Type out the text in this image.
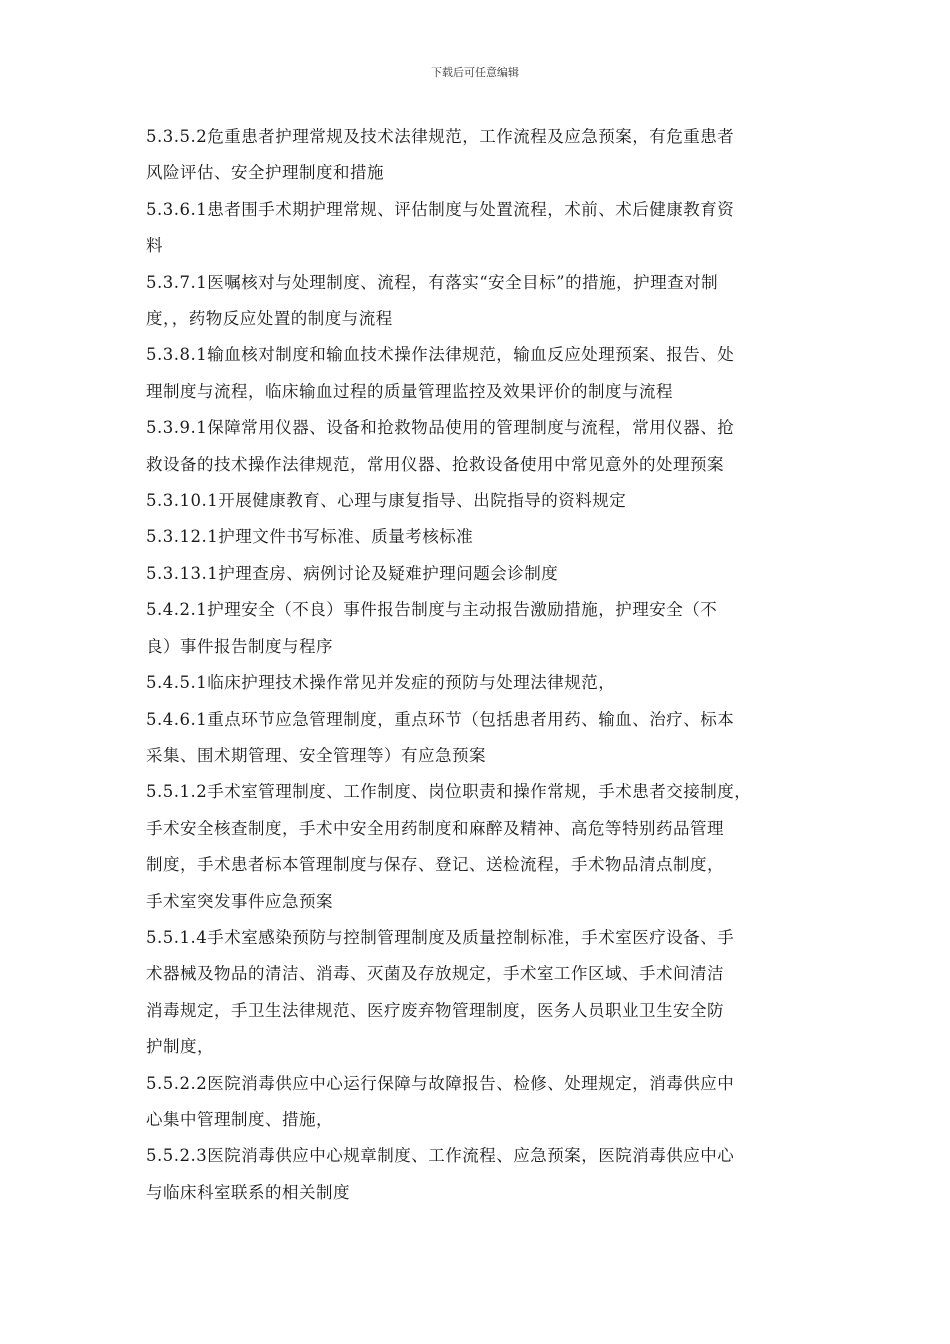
下载后可任意编辑

5.3.5.2危重患者护理常规及技术法律规范，工作流程及应急预案，有危重患者
风险评估、安全护理制度和措施

5.3.6.1患者围手术期护理常规、评估制度与处置流程，术前、术后健康教育资
料

5.3.7.1医嘱核对与处理制度、流程，有落实“安全目标”的措施，护理查对制
度，，药物反应处置的制度与流程

5.3.8.1输血核对制度和输血技术操作法律规范，输血反应处理预案、报告、处
理制度与流程，临床输血过程的质量管理监控及效果评价的制度与流程

5.3.9.1保障常用仪器、设备和抢救物品使用的管理制度与流程，常用仪器、抢
救设备的技术操作法律规范，常用仪器、抢救设备使用中常见意外的处理预案

5.3.10.1开展健康教育、心理与康复指导、出院指导的资料规定

5.3.12.1护理文件书写标准、质量考核标准

5.3.13.1护理查房、病例讨论及疑难护理问题会诊制度

5.4.2.1护理安全（不良）事件报告制度与主动报告激励措施，护理安全（不
良）事件报告制度与程序

5.4.5.1临床护理技术操作常见并发症的预防与处理法律规范，

5.4.6.1重点环节应急管理制度，重点环节（包括患者用药、输血、治疗、标本
采集、围术期管理、安全管理等）有应急预案

5.5.1.2手术室管理制度、工作制度、岗位职责和操作常规，手术患者交接制度，
手术安全核查制度，手术中安全用药制度和麻醉及精神、高危等特别药品管理
制度，手术患者标本管理制度与保存、登记、送检流程，手术物品清点制度，
手术室突发事件应急预案

5.5.1.4手术室感染预防与控制管理制度及质量控制标准，手术室医疗设备、手
术器械及物品的清洁、消毒、灭菌及存放规定，手术室工作区域、手术间清洁
消毒规定，手卫生法律规范、医疗废弃物管理制度，医务人员职业卫生安全防
护制度，

5.5.2.2医院消毒供应中心运行保障与故障报告、检修、处理规定，消毒供应中
心集中管理制度、措施，

5.5.2.3医院消毒供应中心规章制度、工作流程、应急预案，医院消毒供应中心
与临床科室联系的相关制度
